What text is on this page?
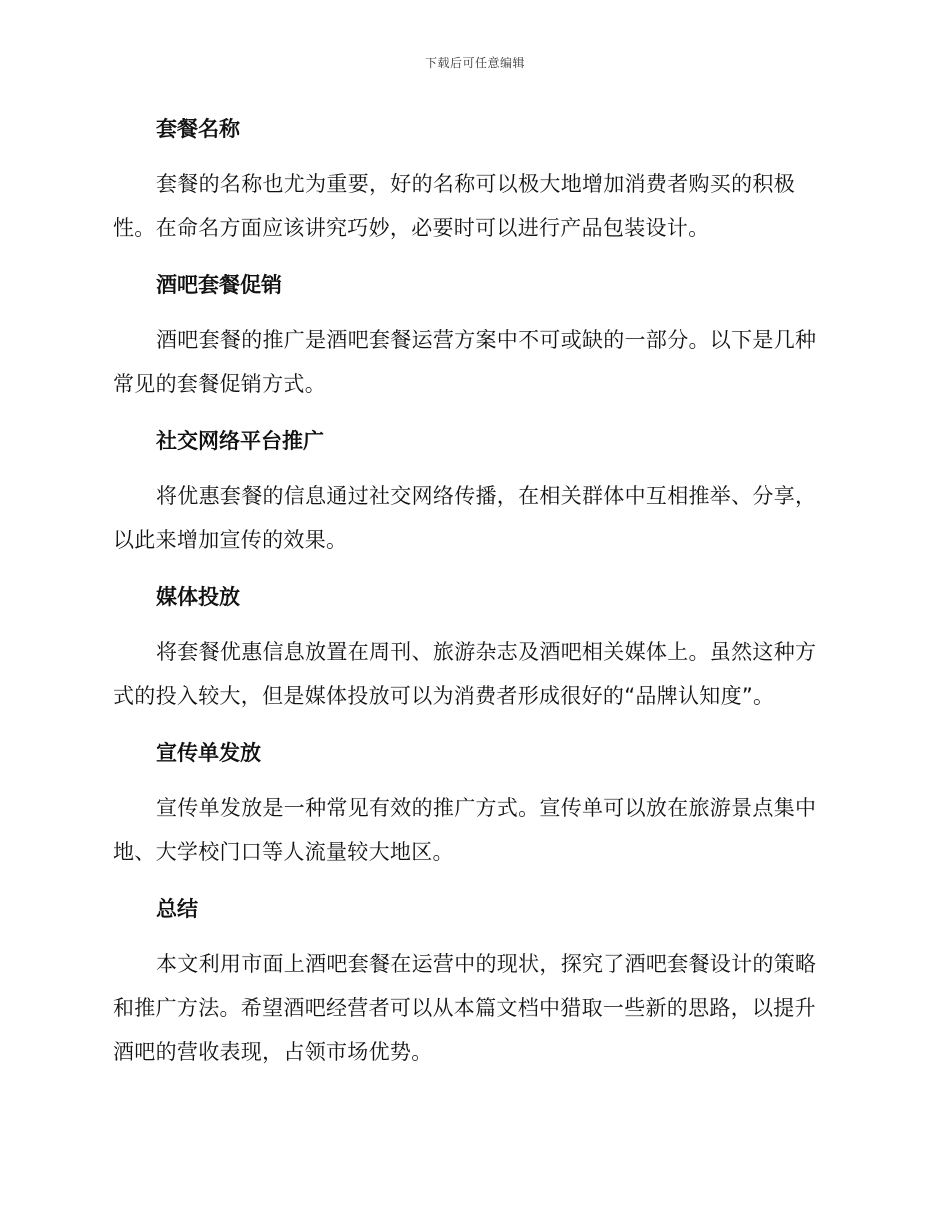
下载后可任意编辑
套餐名称
套餐的名称也尤为重要，好的名称可以极大地增加消费者购买的积极性。在命名方面应该讲究巧妙，必要时可以进行产品包装设计。
酒吧套餐促销
酒吧套餐的推广是酒吧套餐运营方案中不可或缺的一部分。以下是几种常见的套餐促销方式。
社交网络平台推广
将优惠套餐的信息通过社交网络传播，在相关群体中互相推举、分享，以此来增加宣传的效果。
媒体投放
将套餐优惠信息放置在周刊、旅游杂志及酒吧相关媒体上。虽然这种方式的投入较大，但是媒体投放可以为消费者形成很好的“品牌认知度”。
宣传单发放
宣传单发放是一种常见有效的推广方式。宣传单可以放在旅游景点集中地、大学校门口等人流量较大地区。
总结
本文利用市面上酒吧套餐在运营中的现状，探究了酒吧套餐设计的策略和推广方法。希望酒吧经营者可以从本篇文档中猎取一些新的思路，以提升酒吧的营收表现，占领市场优势。
